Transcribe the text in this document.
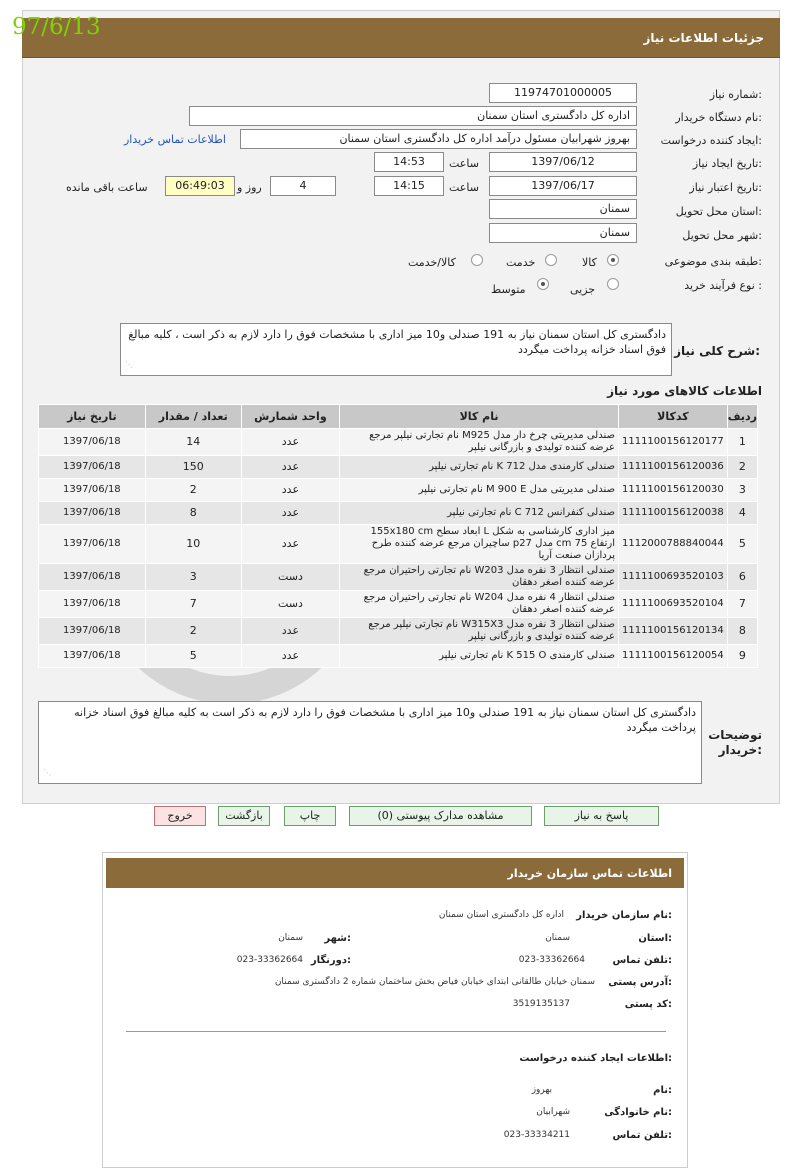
جزئیات اطلاعات نیاز
97/6/13
شماره نیاز:
1197470100000​5
نام دستگاه خریدار:
اداره کل دادگستری استان سمنان
ایجاد کننده درخواست:
بهروز شهرابیان مسئول درآمد اداره کل دادگستری استان سمنان
اطلاعات تماس خریدار
تاریخ ایجاد نیاز:
1397/06/12
ساعت
14:53
تاریخ اعتبار نیاز:
1397/06/17
ساعت
14:15
4
روز و
06:49:03
ساعت باقی مانده
استان محل تحویل:
سمنان
شهر محل تحویل:
سمنان
طبقه بندی موضوعی:
کالا
خدمت
کالا/خدمت
نوع فرآیند خرید :
جزیی
متوسط
شرح کلی نیاز:
دادگستری کل استان سمنان نیاز به 191 صندلی و10 میز اداری با مشخصات فوق را دارد لازم به ذکر است ، کلیه مبالغ فوق اسناد خزانه پرداخت میگردد
⋰
اطلاعات کالاهای مورد نیاز
ردیف	کدکالا	نام کالا	واحد شمارش	تعداد / مقدار	تاریخ نیاز
1	1111100156120177	صندلی مدیریتی چرخ دار مدل M925 نام تجارتی نیلپر مرجع عرضه کننده تولیدی و بازرگانی نیلپر	عدد	14	1397/06/18
2	1111100156120036	صندلی کارمندی مدل K 712 نام تجارتی نیلپر	عدد	150	1397/06/18
3	1111100156120030	صندلی مدیریتی مدل M 900 E نام تجارتی نیلپر	عدد	2	1397/06/18
4	1111100156120038	صندلی کنفرانس C 712 نام تجارتی نیلپر	عدد	8	1397/06/18
5	1112000788840044	میز اداری کارشناسی به شکل L ابعاد سطح 155x180 cm ارتفاع 75 cm مدل p27 ساچیران مرجع عرضه کننده طرح پردازان صنعت آریا	عدد	10	1397/06/18
6	1111100693520103	صندلی انتظار 3 نفره مدل W203 نام تجارتی راحتیران مرجع عرضه کننده اصغر دهقان	دست	3	1397/06/18
7	1111100693520104	صندلی انتظار 4 نفره مدل W204 نام تجارتی راحتیران مرجع عرضه کننده اصغر دهقان	دست	7	1397/06/18
8	1111100156120134	صندلی انتظار 3 نفره مدل W315X3 نام تجارتی نیلپر مرجع عرضه کننده تولیدی و بازرگانی نیلپر	عدد	2	1397/06/18
9	1111100156120054	صندلی کارمندی K 515 O نام تجارتی نیلپر	عدد	5	1397/06/18
توضیحات خریدار:
دادگستری کل استان سمنان نیاز به 191 صندلی و10 میز اداری با مشخصات فوق را دارد لازم به ذکر است به کلیه مبالغ فوق اسناد خزانه پرداخت میگردد
⋰
پاسخ به نیاز
مشاهده مدارک پیوستی (0)
چاپ
بازگشت
خروج
اطلاعات تماس سازمان خریدار
نام سازمان خریدار:
اداره کل دادگستری استان سمنان
استان:
سمنان
شهر:
سمنان
تلفن تماس:
023-33362664
دورنگار:
023-33362664
آدرس پستی:
سمنان خیابان طالقانی ابتدای خیابان فیاض بخش ساختمان شماره 2 دادگستری سمنان
کد پستی:
3519135137
اطلاعات ایجاد کننده درخواست:
نام:
بهروز
نام خانوادگی:
شهرابیان
تلفن تماس:
023-33334211
